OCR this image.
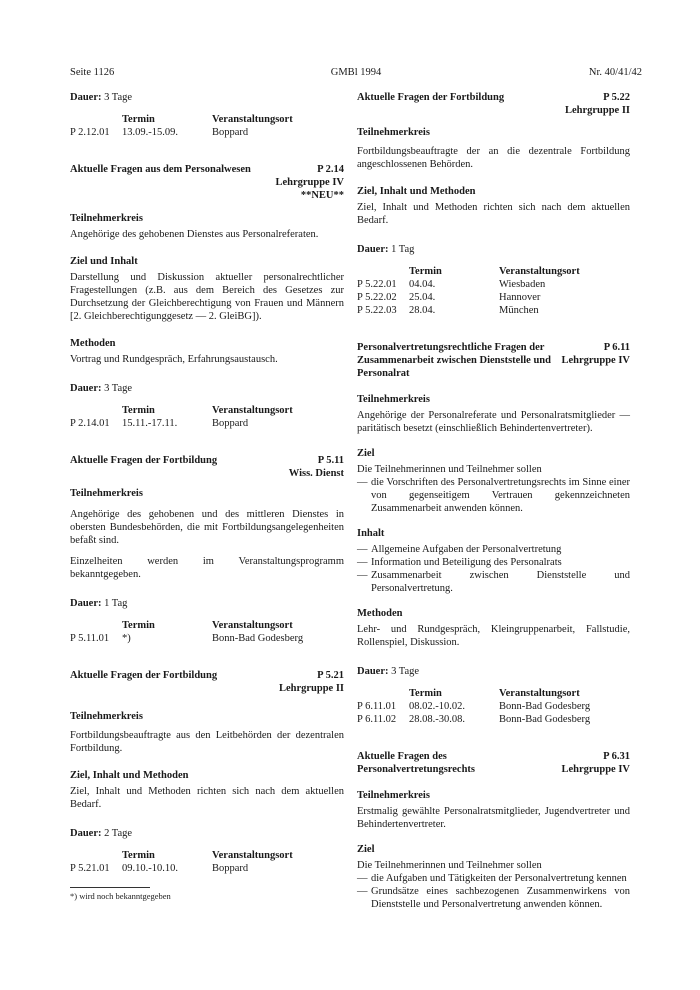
Seite 1126	GMBl 1994	Nr. 40/41/42
Dauer: 3 Tage
	Termin	Veranstaltungsort
P 2.12.01	13.09.-15.09.	Boppard
Aktuelle Fragen aus dem Personalwesen	P 2.14
Lehrgruppe IV
**NEU**
Teilnehmerkreis
Angehörige des gehobenen Dienstes aus Personalreferaten.
Ziel und Inhalt
Darstellung und Diskussion aktueller personalrechtlicher Fragestellungen (z.B. aus dem Bereich des Gesetzes zur Durchsetzung der Gleichberechtigung von Frauen und Männern [2. Gleichberechtigunggesetz — 2. GleiBG]).
Methoden
Vortrag und Rundgespräch, Erfahrungsaustausch.
Dauer: 3 Tage
	Termin	Veranstaltungsort
P 2.14.01	15.11.-17.11.	Boppard
Aktuelle Fragen der Fortbildung	P 5.11
Wiss. Dienst
Teilnehmerkreis
Angehörige des gehobenen und des mittleren Dienstes in obersten Bundesbehörden, die mit Fortbildungsangelegenheiten befaßt sind.
Einzelheiten werden im Veranstaltungsprogramm bekanntgegeben.
Dauer: 1 Tag
	Termin	Veranstaltungsort
P 5.11.01	*)	Bonn-Bad Godesberg
Aktuelle Fragen der Fortbildung	P 5.21
Lehrgruppe II
Teilnehmerkreis
Fortbildungsbeauftragte aus den Leitbehörden der dezentralen Fortbildung.
Ziel, Inhalt und Methoden
Ziel, Inhalt und Methoden richten sich nach dem aktuellen Bedarf.
Dauer: 2 Tage
	Termin	Veranstaltungsort
P 5.21.01	09.10.-10.10.	Boppard
*) wird noch bekanntgegeben
Aktuelle Fragen der Fortbildung	P 5.22
Lehrgruppe II
Teilnehmerkreis
Fortbildungsbeauftragte der an die dezentrale Fortbildung angeschlossenen Behörden.
Ziel, Inhalt und Methoden
Ziel, Inhalt und Methoden richten sich nach dem aktuellen Bedarf.
Dauer: 1 Tag
	Termin	Veranstaltungsort
P 5.22.01	04.04.	Wiesbaden
P 5.22.02	25.04.	Hannover
P 5.22.03	28.04.	München
Personalvertretungsrechtliche Fragen der Zusammenarbeit zwischen Dienststelle und Personalrat
P 6.11
Lehrgruppe IV
Teilnehmerkreis
Angehörige der Personalreferate und Personalratsmitglieder — paritätisch besetzt (einschließlich Behindertenvertreter).
Ziel
Die Teilnehmerinnen und Teilnehmer sollen
— die Vorschriften des Personalvertretungsrechts im Sinne einer von gegenseitigem Vertrauen gekennzeichneten Zusammenarbeit anwenden können.
Inhalt
— Allgemeine Aufgaben der Personalvertretung
— Information und Beteiligung des Personalrats
— Zusammenarbeit zwischen Dienststelle und Personalvertretung.
Methoden
Lehr- und Rundgespräch, Kleingruppenarbeit, Fallstudie, Rollenspiel, Diskussion.
Dauer: 3 Tage
	Termin	Veranstaltungsort
P 6.11.01	08.02.-10.02.	Bonn-Bad Godesberg
P 6.11.02	28.08.-30.08.	Bonn-Bad Godesberg
Aktuelle Fragen des Personalvertretungsrechts
P 6.31
Lehrgruppe IV
Teilnehmerkreis
Erstmalig gewählte Personalratsmitglieder, Jugendvertreter und Behindertenvertreter.
Ziel
Die Teilnehmerinnen und Teilnehmer sollen
— die Aufgaben und Tätigkeiten der Personalvertretung kennen
— Grundsätze eines sachbezogenen Zusammenwirkens von Dienststelle und Personalvertretung anwenden können.
